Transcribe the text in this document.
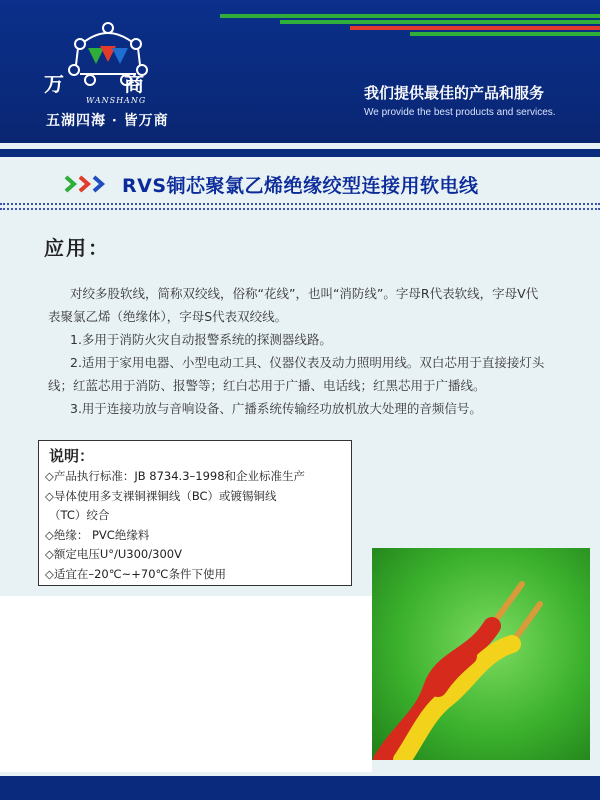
万	商
WANSHANG
五湖四海 · 皆万商
我们提供最佳的产品和服务
We provide the best products and services.
RVS铜芯聚氯乙烯绝缘绞型连接用软电线
应用：
对绞多股软线，简称双绞线，俗称“花线”，也叫“消防线”。字母R代表软线，字母V代表聚氯乙烯（绝缘体），字母S代表双绞线。
1.多用于消防火灾自动报警系统的探测器线路。
2.适用于家用电器、小型电动工具、仪器仪表及动力照明用线。双白芯用于直接接灯头线；红蓝芯用于消防、报警等；红白芯用于广播、电话线；红黑芯用于广播线。
3.用于连接功放与音响设备、广播系统传输经功放机放大处理的音频信号。
说明：
◇产品执行标准：JB 8734.3–1998和企业标准生产
◇导体使用多支裸铜裸铜线（BC）或镀锡铜线
（TC）绞合
◇绝缘： PVC绝缘料
◇额定电压U°/U300/300V
◇适宜在–20℃~+70℃条件下使用
